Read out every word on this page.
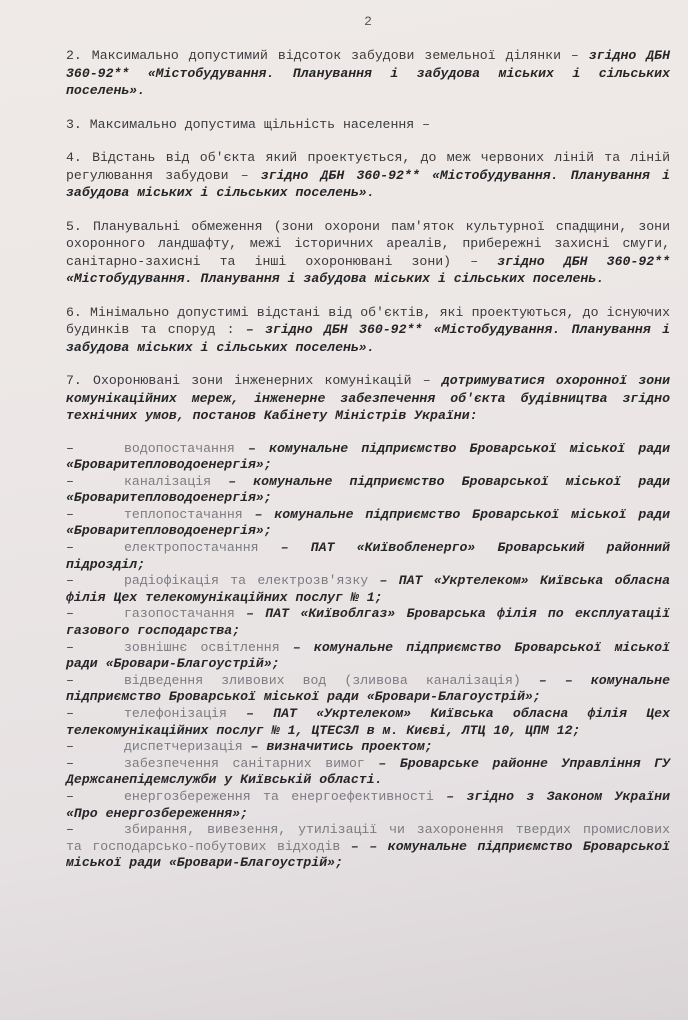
2
2. Максимально допустимий відсоток забудови земельної ділянки – згідно ДБН 360-92** «Містобудування. Планування і забудова міських і сільських поселень».
3. Максимально допустима щільність населення –
4. Відстань від об'єкта який проектується, до меж червоних ліній та ліній регулювання забудови – згідно ДБН 360-92** «Містобудування. Планування і забудова міських і сільських поселень».
5. Планувальні обмеження (зони охорони пам'яток культурної спадщини, зони охоронного ландшафту, межі історичних ареалів, прибережні захисні смуги, санітарно-захисні та інші охоронювані зони) – згідно ДБН 360-92** «Містобудування. Планування і забудова міських і сільських поселень.
6. Мінімально допустимі відстані від об'єктів, які проектуються, до існуючих будинків та споруд : – згідно ДБН 360-92** «Містобудування. Планування і забудова міських і сільських поселень».
7. Охоронювані зони інженерних комунікацій – дотримуватися охоронної зони комунікаційних мереж, інженерне забезпечення об'єкта будівництва згідно технічних умов, постанов Кабінету Міністрів України:
–	водопостачання – комунальне підприємство Броварської міської ради «Броваритепловодоенергія»;
–	каналізація – комунальне підприємство Броварської міської ради «Броваритепловодоенергія»;
–	теплопостачання – комунальне підприємство Броварської міської ради «Броваритепловодоенергія»;
–	електропостачання – ПАТ «Київобленерго» Броварський районний підрозділ;
–	радіофікація та електрозв'язку – ПАТ «Укртелеком» Київська обласна філія Цех телекомунікаційних послуг № 1;
–	газопостачання – ПАТ «Київоблгаз» Броварська філія по експлуатації газового господарства;
–	зовнішнє освітлення – комунальне підприємство Броварської міської ради «Бровари-Благоустрій»;
–	відведення зливових вод (зливова каналізація) – – комунальне підприємство Броварської міської ради «Бровари-Благоустрій»;
–	телефонізація – ПАТ «Укртелеком» Київська обласна філія Цех телекомунікаційних послуг № 1, ЦТЕСЗЛ в м. Києві, ЛТЦ 10, ЦПМ 12;
–	диспетчеризація – визначитись проектом;
–	забезпечення санітарних вимог – Броварське районне Управління ГУ Держсанепідемслужби у Київській області.
–	енергозбереження та енергоефективності – згідно з Законом України «Про енергозбереження»;
–	збирання, вивезення, утилізації чи захоронення твердих промислових та господарсько-побутових відходів – – комунальне підприємство Броварської міської ради «Бровари-Благоустрій»;
